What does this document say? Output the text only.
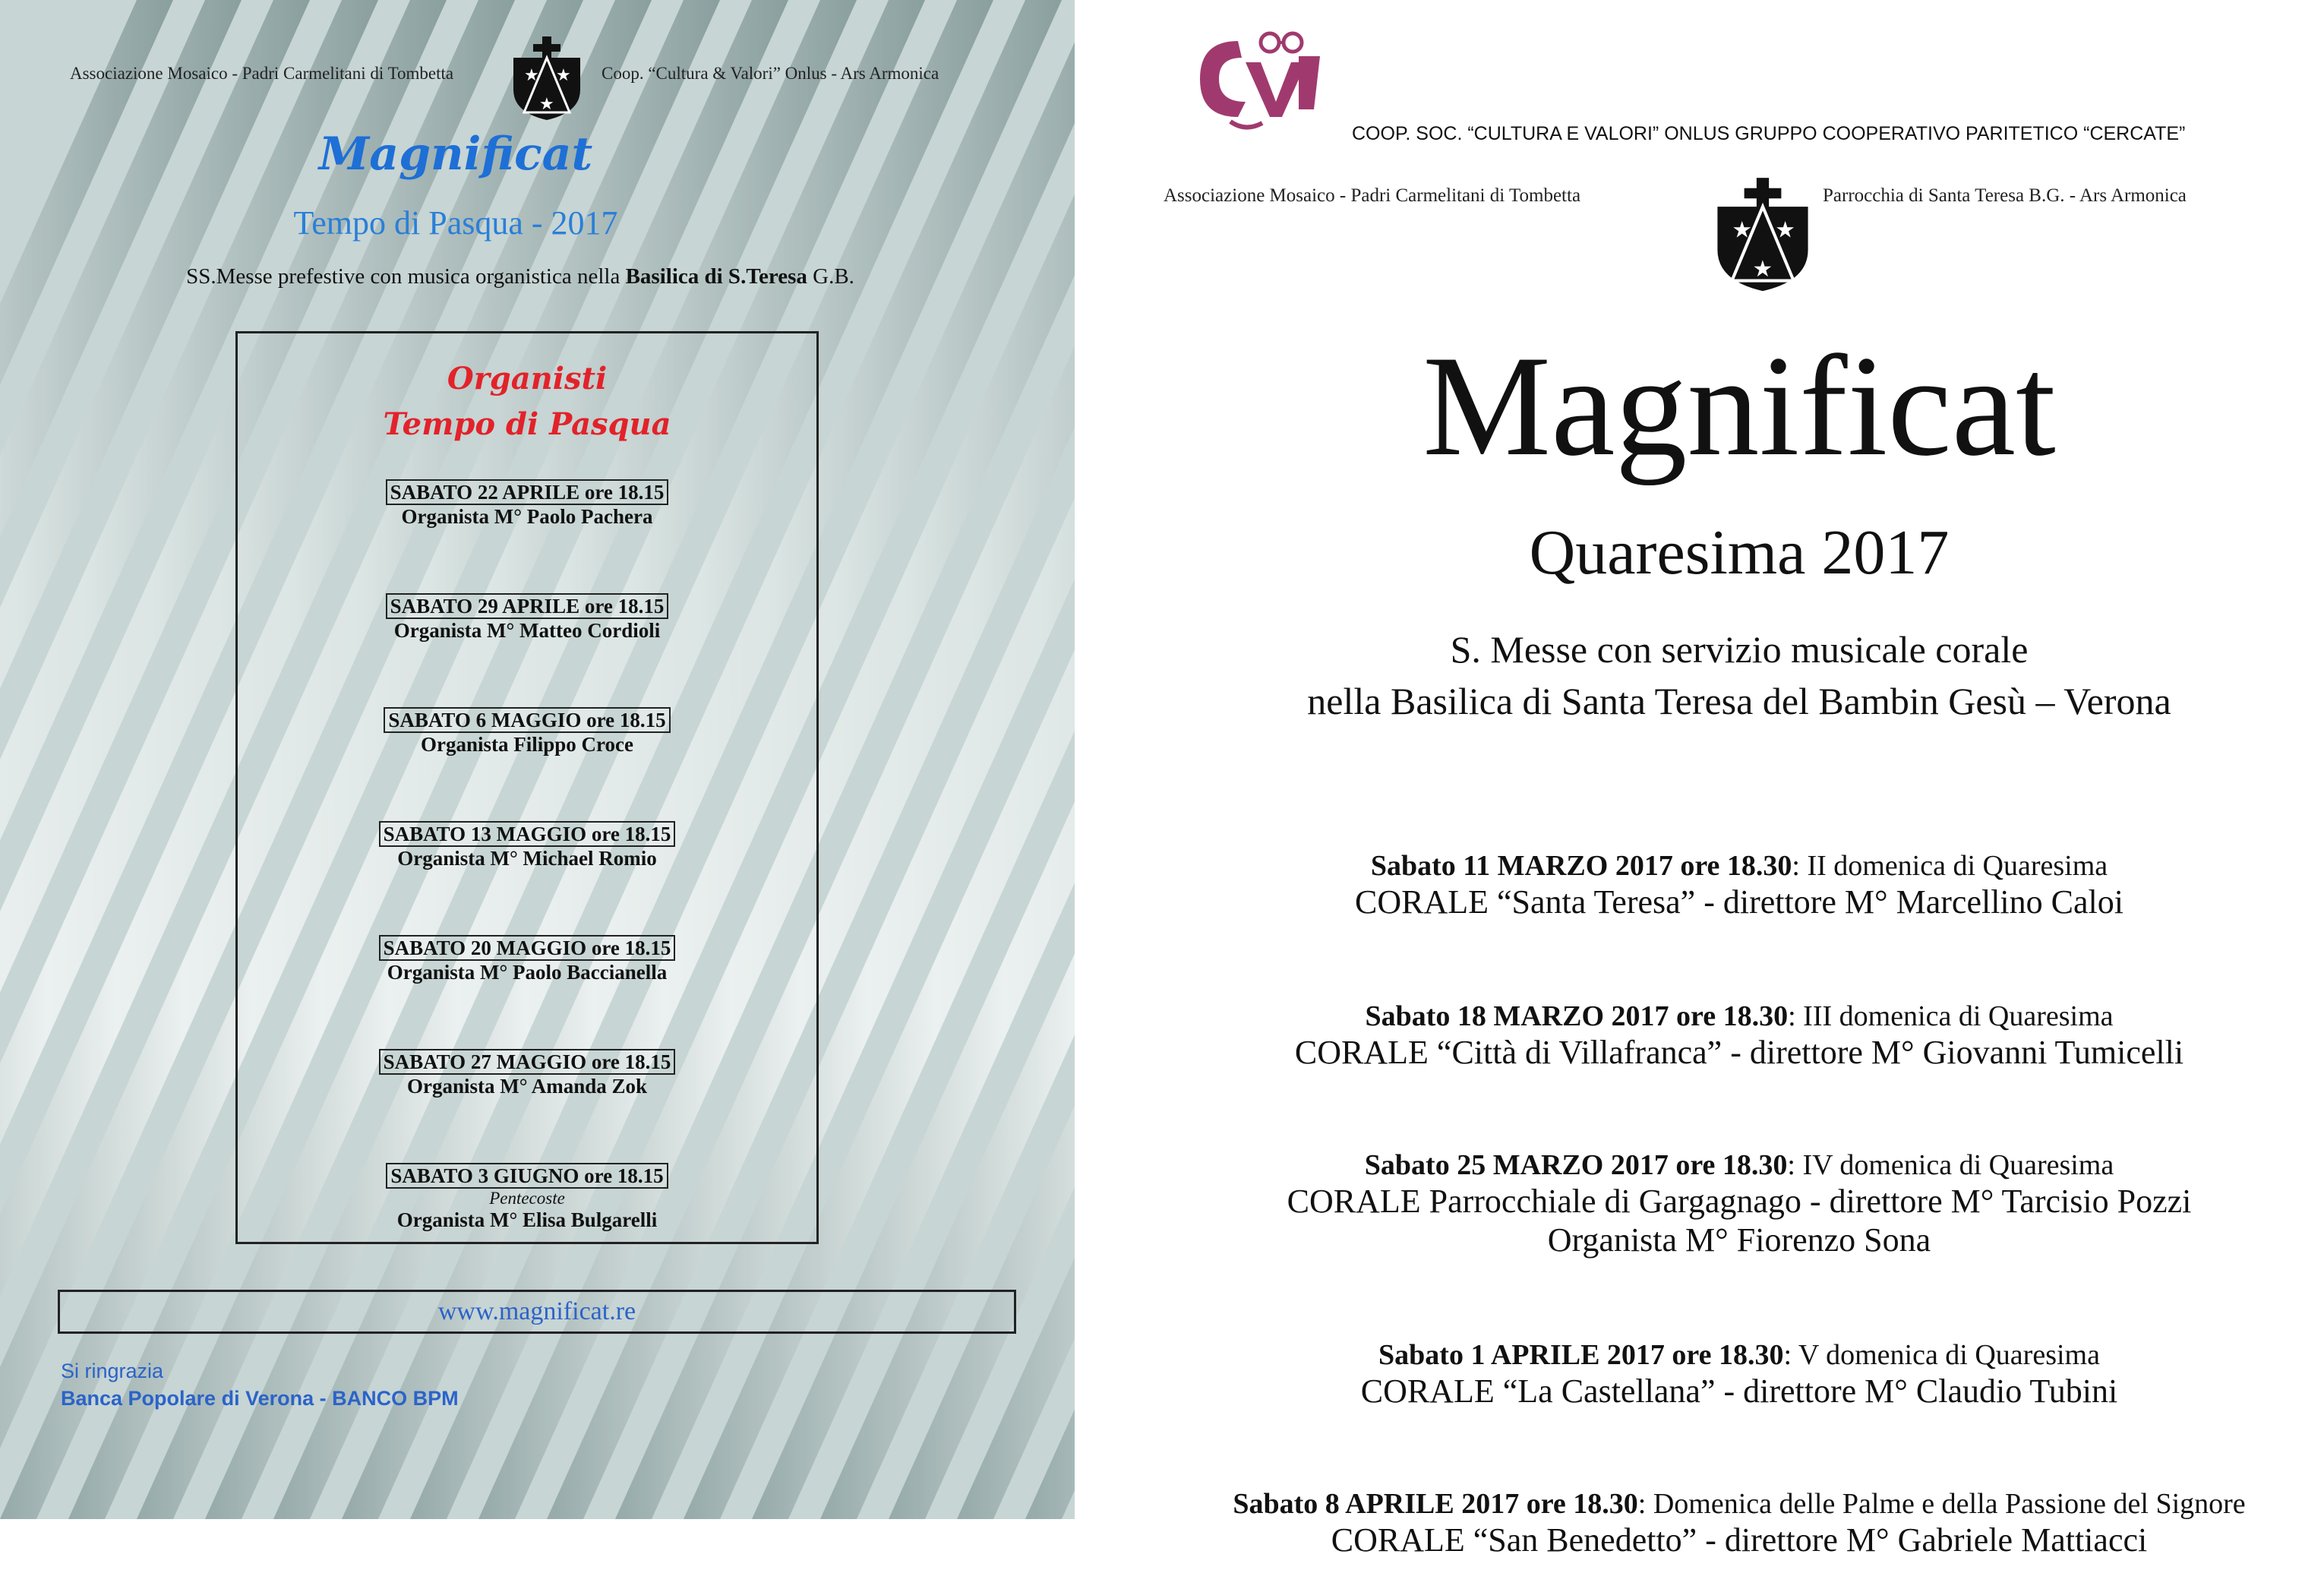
Associazione Mosaico - Padri Carmelitani di Tombetta	★ ★
★
Coop. “Cultura & Valori” Onlus - Ars Armonica
Magnificat
Tempo di Pasqua - 2017
SS.Messe prefestive con musica organistica nella Basilica di S.Teresa G.B.
Organisti
Tempo di Pasqua
SABATO 22 APRILE ore 18.15
Organista M° Paolo Pachera
SABATO 29 APRILE ore 18.15
Organista M° Matteo Cordioli
SABATO 6 MAGGIO ore 18.15
Organista Filippo Croce
SABATO 13 MAGGIO ore 18.15
Organista M° Michael Romio
SABATO 20 MAGGIO ore 18.15
Organista M° Paolo Baccianella
SABATO 27 MAGGIO ore 18.15
Organista M° Amanda Zok
SABATO 3 GIUGNO ore 18.15
Pentecoste
Organista M° Elisa Bulgarelli
www.magnificat.re
Si ringrazia
Banca Popolare di Verona - BANCO BPM
COOP. SOC. “CULTURA E VALORI” ONLUS GRUPPO COOPERATIVO PARITETICO “CERCATE”
Associazione Mosaico - Padri Carmelitani di Tombetta
★ ★
★
Parrocchia di Santa Teresa B.G. - Ars Armonica
Magnificat
Quaresima 2017
S. Messe con servizio musicale corale
nella Basilica di Santa Teresa del Bambin Gesù – Verona
Sabato 11 MARZO 2017 ore 18.30: II domenica di Quaresima
CORALE “Santa Teresa” - direttore M° Marcellino Caloi
Sabato 18 MARZO 2017 ore 18.30: III domenica di Quaresima
CORALE “Città di Villafranca” - direttore M° Giovanni Tumicelli
Sabato 25 MARZO 2017 ore 18.30: IV domenica di Quaresima
CORALE Parrocchiale di Gargagnago - direttore M° Tarcisio Pozzi
Organista M° Fiorenzo Sona
Sabato 1 APRILE 2017 ore 18.30: V domenica di Quaresima
CORALE “La Castellana” - direttore M° Claudio Tubini
Sabato 8 APRILE 2017 ore 18.30: Domenica delle Palme e della Passione del Signore
CORALE “San Benedetto” - direttore M° Gabriele Mattiacci
